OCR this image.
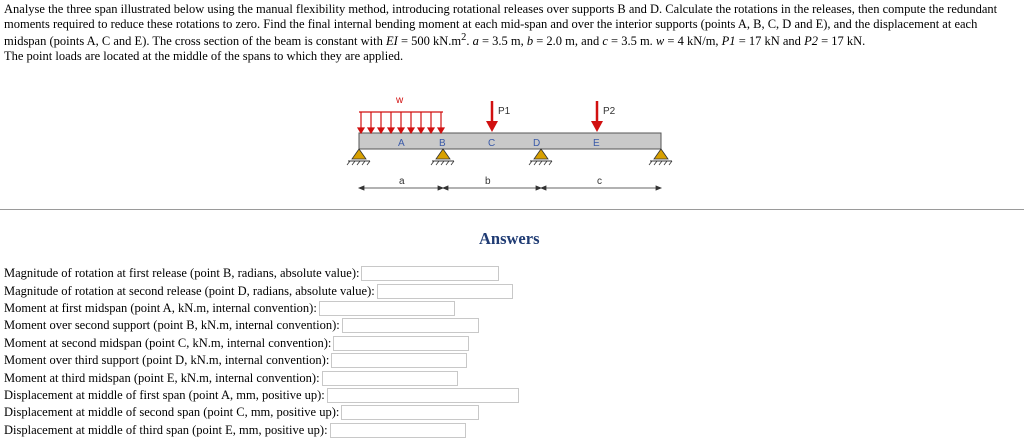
Analyse the three span illustrated below using the manual flexibility method, introducing rotational releases over supports B and D. Calculate the rotations in the releases, then compute the redundant moments required to reduce these rotations to zero. Find the final internal bending moment at each mid-span and over the interior supports (points A, B, C, D and E), and the displacement at each midspan (points A, C and E). The cross section of the beam is constant with EI = 500 $kN.m^2$. a = 3.5 m, b = 2.0 m, and c = 3.5 m. w = 4 kN/m, P1 = 17 kN and P2 = 17 kN.

The point loads are located at the middle of the spans to which they are applied.

w
P1	P2
A	B	C	D	E
a	b	c
Answers
Magnitude of rotation at first release (point B, radians, absolute value):
Magnitude of rotation at second release (point D, radians, absolute value):
Moment at first midspan (point A, kN.m, internal convention):
Moment over second support (point B, kN.m, internal convention):
Moment at second midspan (point C, kN.m, internal convention):
Moment over third support (point D, kN.m, internal convention):
Moment at third midspan (point E, kN.m, internal convention):
Displacement at middle of first span (point A, mm, positive up):
Displacement at middle of second span (point C, mm, positive up):
Displacement at middle of third span (point E, mm, positive up):
